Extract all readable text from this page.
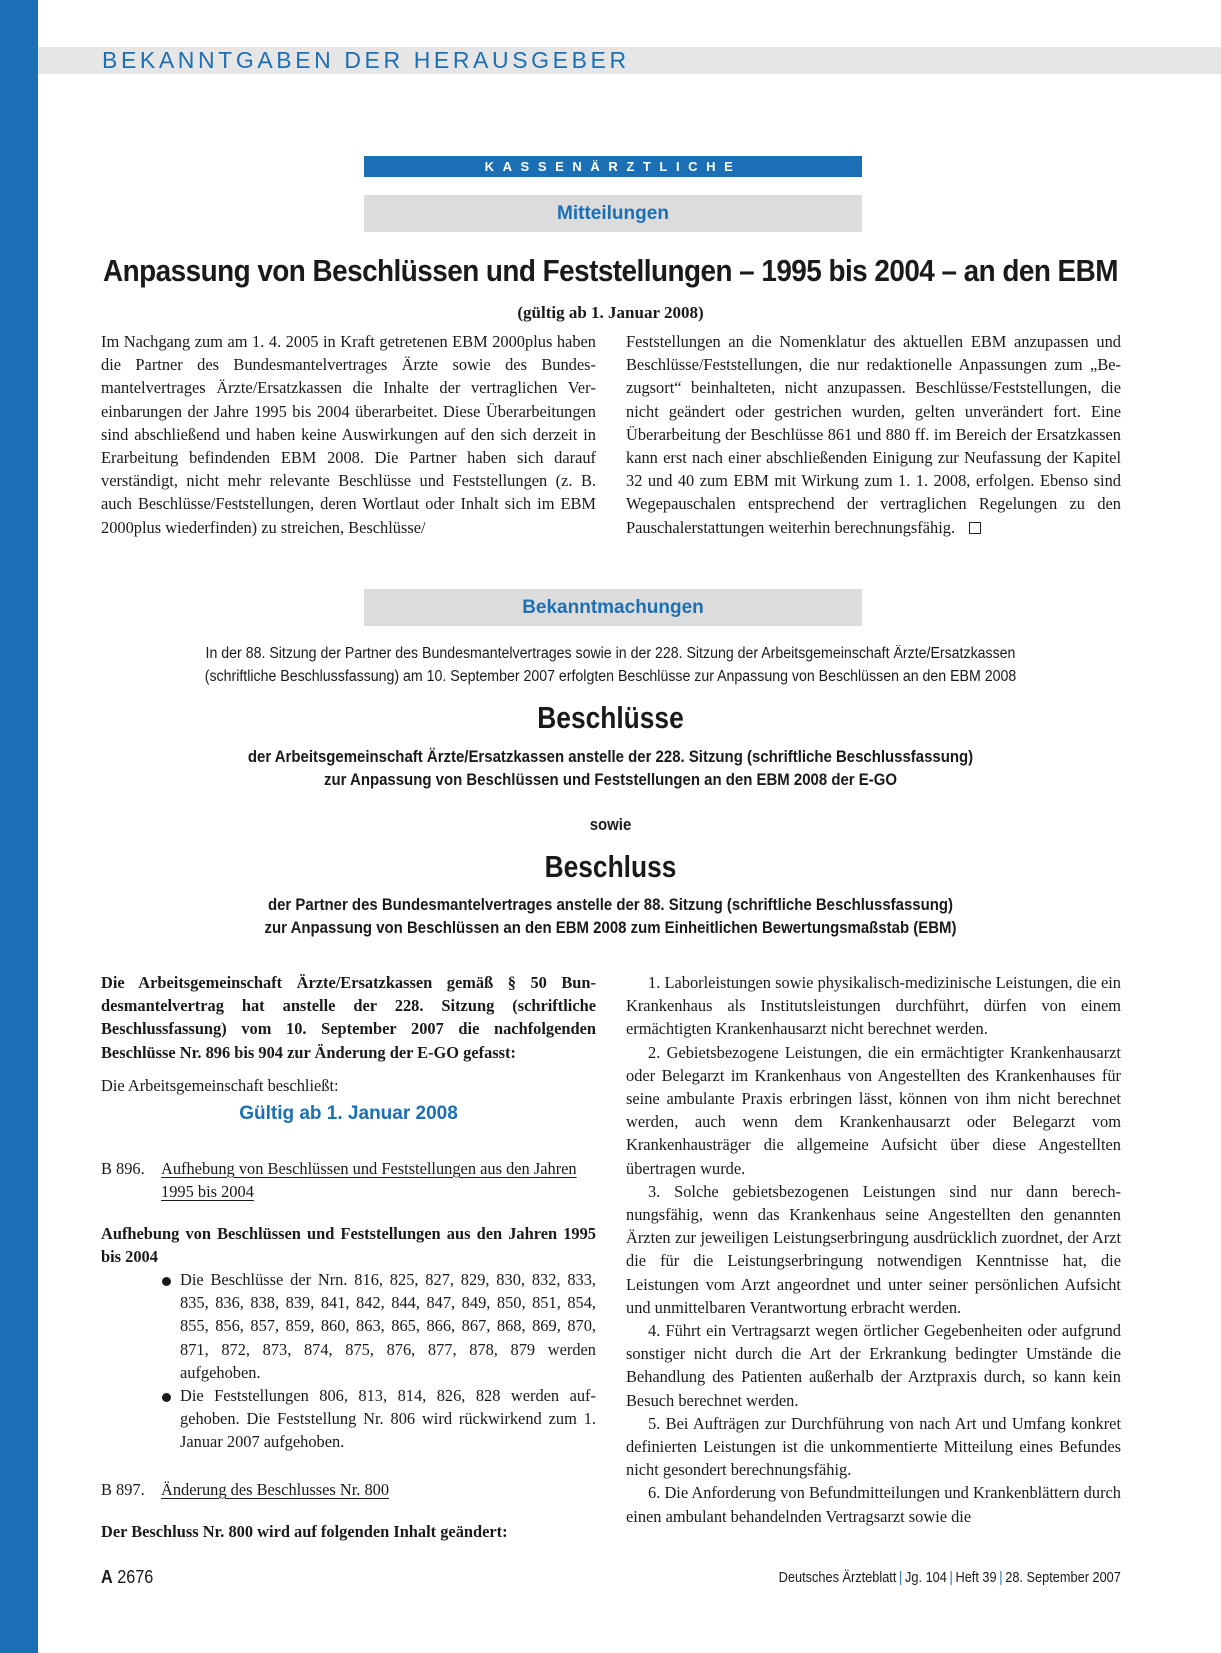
BEKANNTGABEN DER HERAUSGEBER
KASSENÄRZTLICHE BUNDESVEREINIGUNG
Mitteilungen
Anpassung von Beschlüssen und Feststellungen – 1995 bis 2004 – an den EBM
(gültig ab 1. Januar 2008)
Im Nachgang zum am 1. 4. 2005 in Kraft getretenen EBM 2000plus haben die Partner des Bundesmantelvertrages Ärzte sowie des Bundesmantelvertrages Ärzte/Ersatzkassen die Inhalte der vertraglichen Vereinbarungen der Jahre 1995 bis 2004 überarbeitet. Diese Überarbeitungen sind abschließend und haben keine Auswirkungen auf den sich derzeit in Erarbeitung befindenden EBM 2008. Die Partner haben sich darauf verständigt, nicht mehr relevante Beschlüsse und Feststellungen (z. B. auch Beschlüsse/Feststellungen, deren Wortlaut oder Inhalt sich im EBM 2000plus wiederfinden) zu streichen, Beschlüsse/
Feststellungen an die Nomenklatur des aktuellen EBM anzupassen und Beschlüsse/Feststellungen, die nur redaktionelle Anpassungen zum „Bezugsort“ beinhalteten, nicht anzupassen. Beschlüsse/Feststellungen, die nicht geändert oder gestrichen wurden, gelten unverändert fort. Eine Überarbeitung der Beschlüsse 861 und 880 ff. im Bereich der Ersatzkassen kann erst nach einer abschließenden Einigung zur Neufassung der Kapitel 32 und 40 zum EBM mit Wirkung zum 1. 1. 2008, erfolgen. Ebenso sind Wegepauschalen entsprechend der vertraglichen Regelungen zu den Pauschalerstattungen weiterhin berechnungsfähig.
Bekanntmachungen
In der 88. Sitzung der Partner des Bundesmantelvertrages sowie in der 228. Sitzung der Arbeitsgemeinschaft Ärzte/Ersatzkassen
(schriftliche Beschlussfassung) am 10. September 2007 erfolgten Beschlüsse zur Anpassung von Beschlüssen an den EBM 2008
Beschlüsse
der Arbeitsgemeinschaft Ärzte/Ersatzkassen anstelle der 228. Sitzung (schriftliche Beschlussfassung)
zur Anpassung von Beschlüssen und Feststellungen an den EBM 2008 der E-GO
sowie
Beschluss
der Partner des Bundesmantelvertrages anstelle der 88. Sitzung (schriftliche Beschlussfassung)
zur Anpassung von Beschlüssen an den EBM 2008 zum Einheitlichen Bewertungsmaßstab (EBM)
Die Arbeitsgemeinschaft Ärzte/Ersatzkassen gemäß § 50 Bundesmantelvertrag hat anstelle der 228. Sitzung (schriftliche Beschlussfassung) vom 10. September 2007 die nachfolgenden Beschlüsse Nr. 896 bis 904 zur Änderung der E-GO gefasst:
Die Arbeitsgemeinschaft beschließt:
Gültig ab 1. Januar 2008
B 896. Aufhebung von Beschlüssen und Feststellungen aus den Jahren 1995 bis 2004
Aufhebung von Beschlüssen und Feststellungen aus den Jahren 1995 bis 2004
Die Beschlüsse der Nrn. 816, 825, 827, 829, 830, 832, 833, 835, 836, 838, 839, 841, 842, 844, 847, 849, 850, 851, 854, 855, 856, 857, 859, 860, 863, 865, 866, 867, 868, 869, 870, 871, 872, 873, 874, 875, 876, 877, 878, 879 werden aufgehoben.
Die Feststellungen 806, 813, 814, 826, 828 werden aufgehoben. Die Feststellung Nr. 806 wird rückwirkend zum 1. Januar 2007 aufgehoben.
B 897. Änderung des Beschlusses Nr. 800
Der Beschluss Nr. 800 wird auf folgenden Inhalt geändert:

1. Laborleistungen sowie physikalisch-medizinische Leistungen, die ein Krankenhaus als Institutsleistungen durchführt, dürfen von einem ermächtigten Krankenhausarzt nicht berechnet werden.

2. Gebietsbezogene Leistungen, die ein ermächtigter Krankenhausarzt oder Belegarzt im Krankenhaus von Angestellten des Krankenhauses für seine ambulante Praxis erbringen lässt, können von ihm nicht berechnet werden, auch wenn dem Krankenhausarzt oder Belegarzt vom Krankenhausträger die allgemeine Aufsicht über diese Angestellten übertragen wurde.

3. Solche gebietsbezogenen Leistungen sind nur dann berechnungsfähig, wenn das Krankenhaus seine Angestellten den genannten Ärzten zur jeweiligen Leistungserbringung ausdrücklich zuordnet, der Arzt die für die Leistungserbringung notwendigen Kenntnisse hat, die Leistungen vom Arzt angeordnet und unter seiner persönlichen Aufsicht und unmittelbaren Verantwortung erbracht werden.

4. Führt ein Vertragsarzt wegen örtlicher Gegebenheiten oder aufgrund sonstiger nicht durch die Art der Erkrankung bedingter Umstände die Behandlung des Patienten außerhalb der Arztpraxis durch, so kann kein Besuch berechnet werden.

5. Bei Aufträgen zur Durchführung von nach Art und Umfang konkret definierten Leistungen ist die unkommentierte Mitteilung eines Befundes nicht gesondert berechnungsfähig.

6. Die Anforderung von Befundmitteilungen und Krankenblättern durch einen ambulant behandelnden Vertragsarzt sowie die

A 2676	Deutsches Ärzteblatt | Jg. 104 | Heft 39 | 28. September 2007
